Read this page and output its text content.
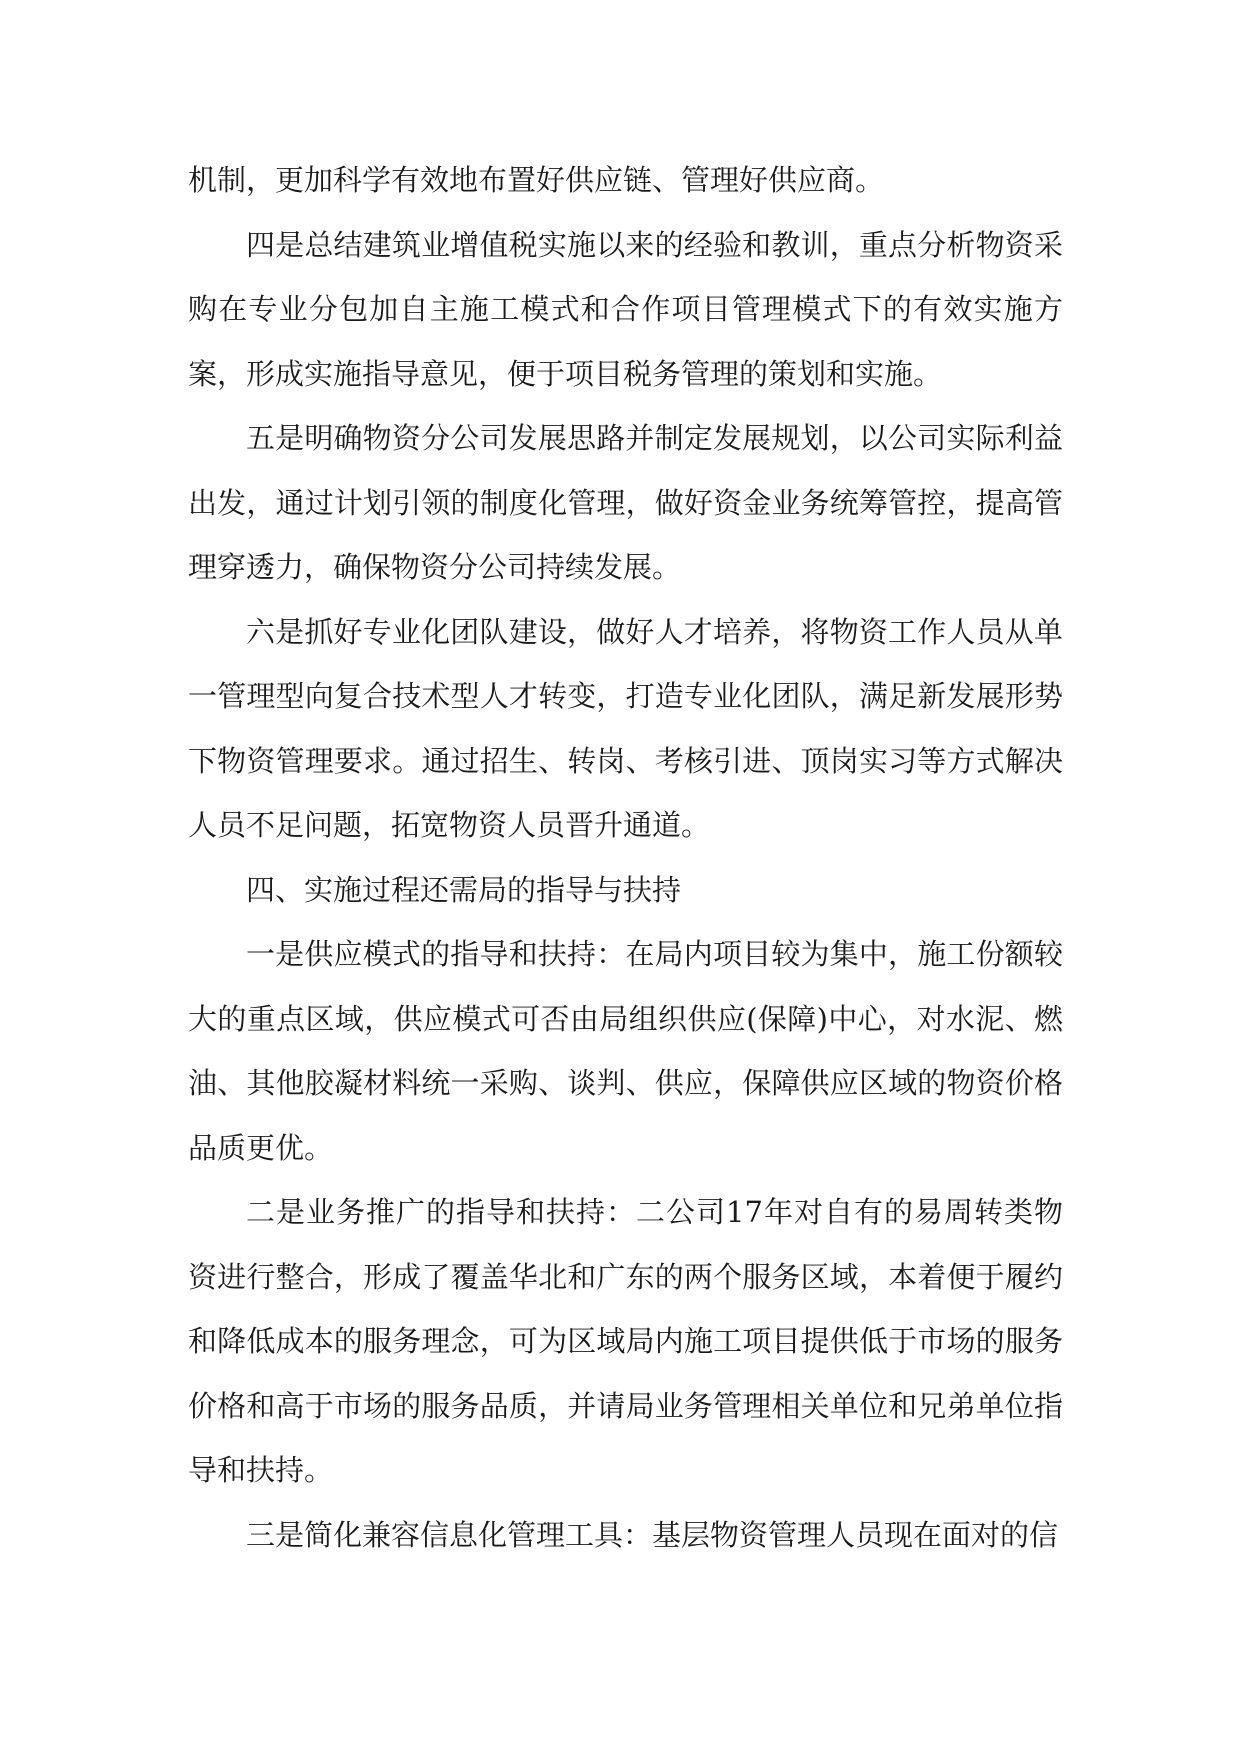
机制，更加科学有效地布置好供应链、管理好供应商。

四是总结建筑业增值税实施以来的经验和教训，重点分析物资采购在专业分包加自主施工模式和合作项目管理模式下的有效实施方案，形成实施指导意见，便于项目税务管理的策划和实施。

五是明确物资分公司发展思路并制定发展规划，以公司实际利益出发，通过计划引领的制度化管理，做好资金业务统筹管控，提高管理穿透力，确保物资分公司持续发展。

六是抓好专业化团队建设，做好人才培养，将物资工作人员从单一管理型向复合技术型人才转变，打造专业化团队，满足新发展形势下物资管理要求。通过招生、转岗、考核引进、顶岗实习等方式解决人员不足问题，拓宽物资人员晋升通道。

四、实施过程还需局的指导与扶持

一是供应模式的指导和扶持：在局内项目较为集中，施工份额较大的重点区域，供应模式可否由局组织供应(保障)中心，对水泥、燃油、其他胶凝材料统一采购、谈判、供应，保障供应区域的物资价格品质更优。

二是业务推广的指导和扶持：二公司17年对自有的易周转类物资进行整合，形成了覆盖华北和广东的两个服务区域，本着便于履约和降低成本的服务理念，可为区域局内施工项目提供低于市场的服务价格和高于市场的服务品质，并请局业务管理相关单位和兄弟单位指导和扶持。

三是简化兼容信息化管理工具：基层物资管理人员现在面对的信
